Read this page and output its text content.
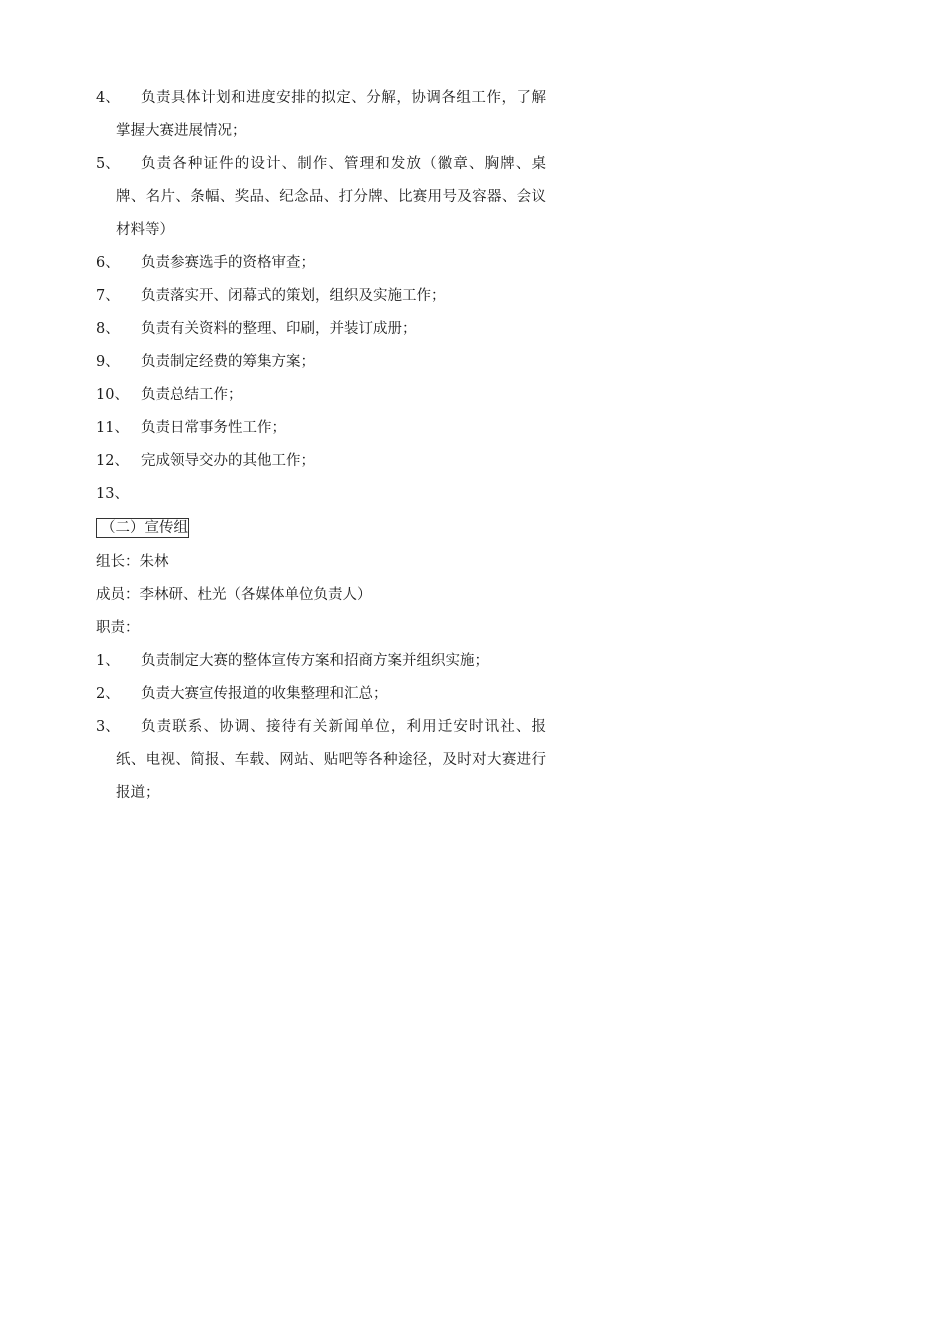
4、	负责具体计划和进度安排的拟定、分解，协调各组工作，了解掌握大赛进展情况；
5、	负责各种证件的设计、制作、管理和发放（徽章、胸牌、桌牌、名片、条幅、奖品、纪念品、打分牌、比赛用号及容器、会议材料等）
6、	负责参赛选手的资格审查；
7、	负责落实开、闭幕式的策划，组织及实施工作；
8、	负责有关资料的整理、印刷，并装订成册；
9、	负责制定经费的筹集方案；
10、 负责总结工作；
11、 负责日常事务性工作；
12、 完成领导交办的其他工作；
13、

（二）宣传组
组长：朱林
成员：李林研、杜光（各媒体单位负责人）
职责：
1、	负责制定大赛的整体宣传方案和招商方案并组织实施；
2、	负责大赛宣传报道的收集整理和汇总；
3、	负责联系、协调、接待有关新闻单位，利用迁安时讯社、报纸、电视、简报、车载、网站、贴吧等各种途径，及时对大赛进行报道；
